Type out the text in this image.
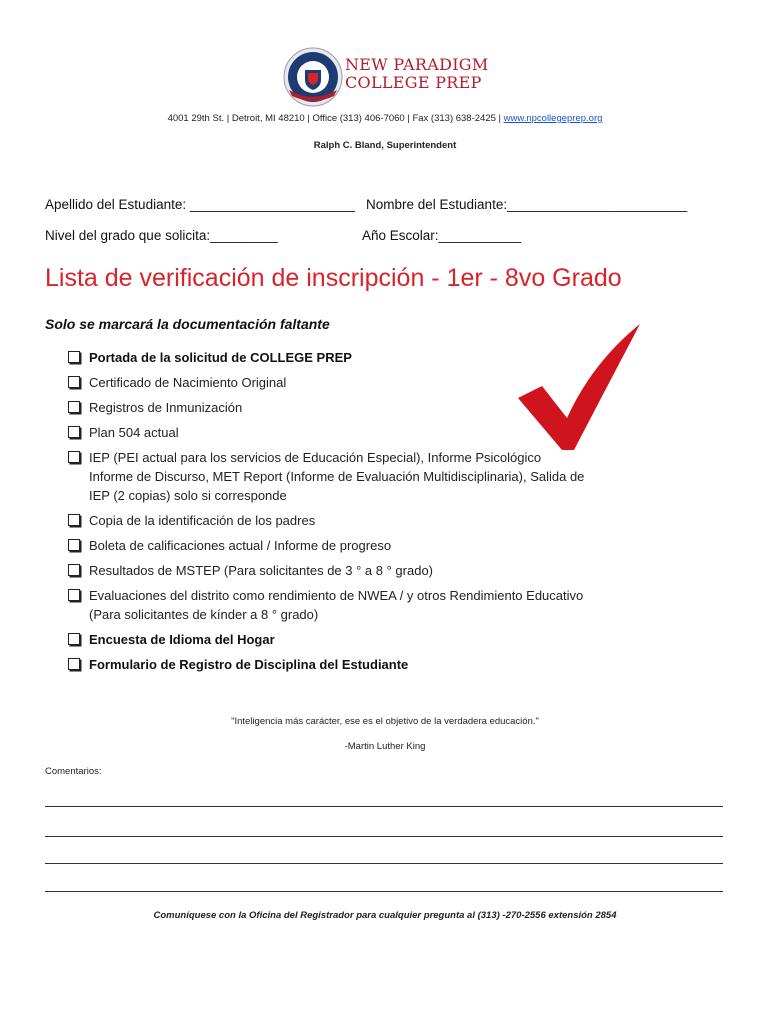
NEW PARADIGM
COLLEGE PREP
4001 29th St. | Detroit, MI 48210 | Office (313) 406-7060 | Fax (313) 638-2425 | www.npcollegeprep.org
Ralph C. Bland, Superintendent
Apellido del Estudiante: ______________________ Nombre del Estudiante:________________________
Nivel del grado que solicita:_________	Año Escolar:___________
Lista de verificación de inscripción - 1er - 8vo Grado
Solo se marcará la documentación faltante
Portada de la solicitud de COLLEGE PREP
Certificado de Nacimiento Original
Registros de Inmunización
Plan 504 actual
IEP (PEI actual para los servicios de Educación Especial), Informe Psicológico Informe de Discurso, MET Report (Informe de Evaluación Multidisciplinaria), Salida de IEP (2 copias) solo si corresponde
Copia de la identificación de los padres
Boleta de calificaciones actual / Informe de progreso
Resultados de MSTEP (Para solicitantes de 3 ° a 8 ° grado)
Evaluaciones del distrito como rendimiento de NWEA / y otros Rendimiento Educativo (Para solicitantes de kínder a 8 ° grado)
Encuesta de Idioma del Hogar
Formulario de Registro de Disciplina del Estudiante
"Inteligencia más carácter, ese es el objetivo de la verdadera educación."
-Martin Luther King
Comentarios:
Comuníquese con la Oficina del Registrador para cualquier pregunta al (313) -270-2556 extensión 2854
